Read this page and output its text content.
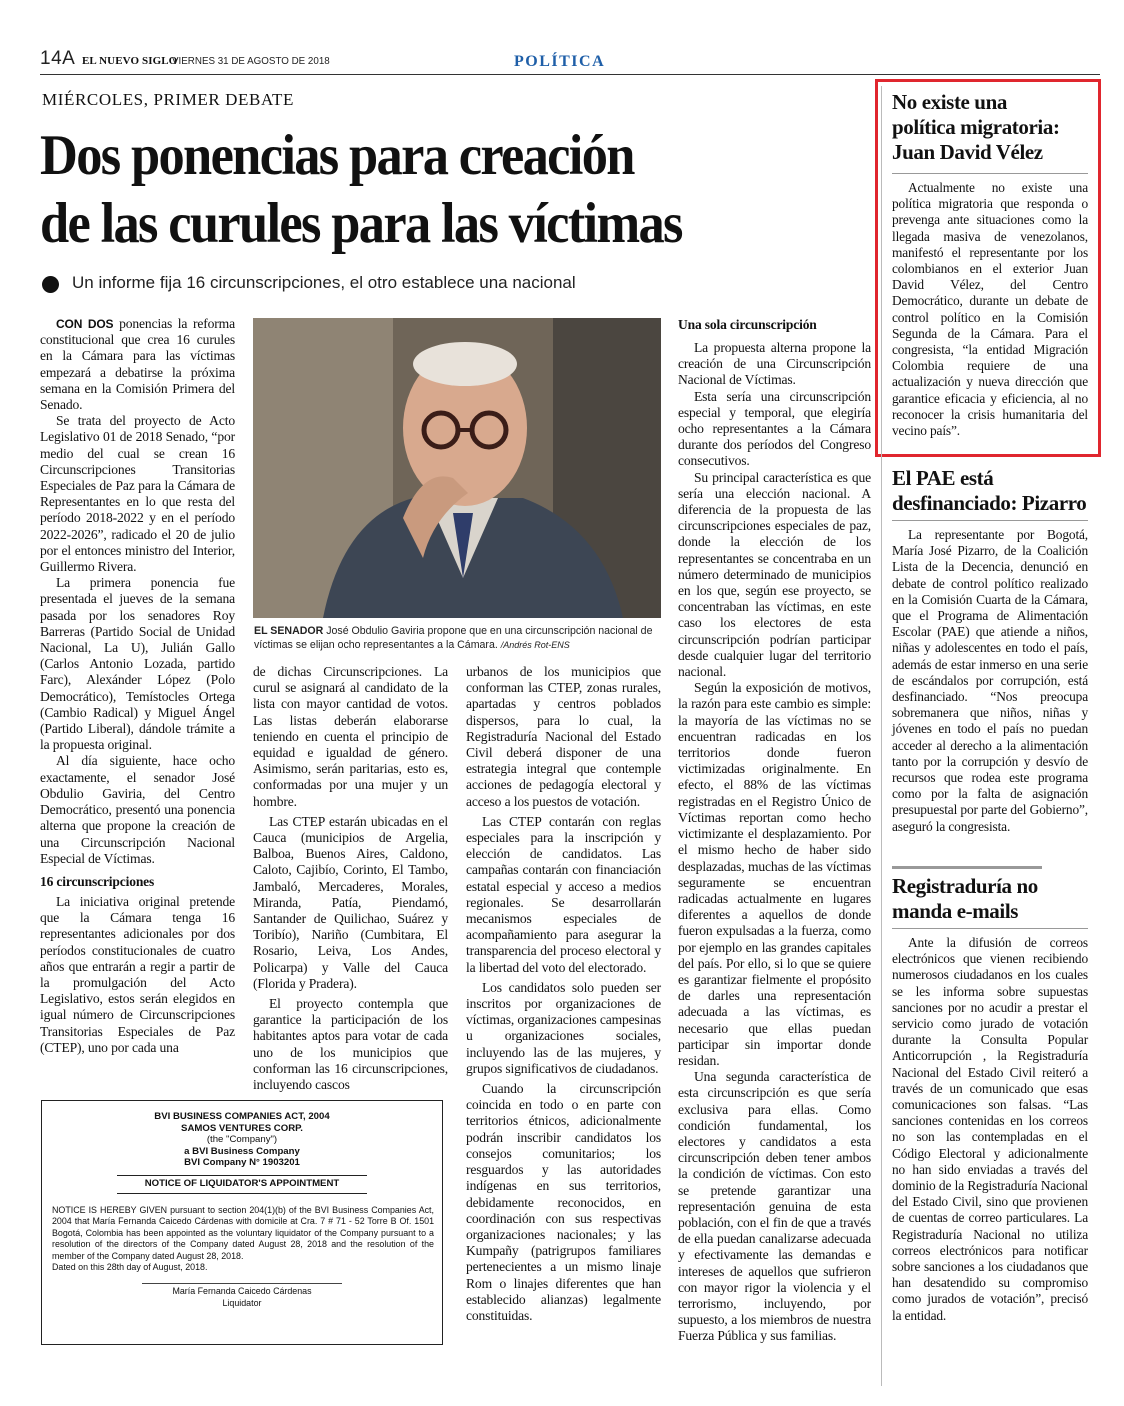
14A EL NUEVO SIGLO
VIERNES 31 DE AGOSTO DE 2018	POLÍTICA
MIÉRCOLES, PRIMER DEBATE
Dos ponencias para creación
de las curules para las víctimas
Un informe fija 16 circunscripciones, el otro establece una nacional

CON DOS ponencias la reforma constitucional que crea 16 curules en la Cámara para las víctimas empezará a debatirse la próxima semana en la Comisión Primera del Senado.

Se trata del proyecto de Acto Legislativo 01 de 2018 Senado, “por medio del cual se crean 16 Circunscripciones Transitorias Especiales de Paz para la Cámara de Representantes en lo que resta del período 2018-2022 y en el período 2022-2026”, radicado el 20 de julio por el entonces ministro del Interior, Guillermo Rivera.

La primera ponencia fue presentada el jueves de la semana pasada por los senadores Roy Barreras (Partido Social de Unidad Nacional, La U), Julián Gallo (Carlos Antonio Lozada, partido Farc), Alexánder López (Polo Democrático), Temístocles Ortega (Cambio Radical) y Miguel Ángel (Partido Liberal), dándole trámite a la propuesta original.

Al día siguiente, hace ocho exactamente, el senador José Obdulio Gaviria, del Centro Democrático, presentó una ponencia alterna que propone la creación de una Circunscripción Nacional Especial de Víctimas.

16 circunscripciones

La iniciativa original pretende que la Cámara tenga 16 representantes adicionales por dos períodos constitucionales de cuatro años que entrarán a regir a partir de la promulgación del Acto Legislativo, estos serán elegidos en igual número de Circunscripciones Transitorias Especiales de Paz (CTEP), uno por cada una

EL SENADOR José Obdulio Gaviria propone que en una circunscripción nacional de víctimas se elijan ocho representantes a la Cámara. /Andrés Rot-ENS

de dichas Circunscripciones. La curul se asignará al candidato de la lista con mayor cantidad de votos. Las listas deberán elaborarse teniendo en cuenta el principio de equidad e igualdad de género. Asimismo, serán paritarias, esto es, conformadas por una mujer y un hombre.

Las CTEP estarán ubicadas en el Cauca (municipios de Argelia, Balboa, Buenos Aires, Caldono, Caloto, Cajibío, Corinto, El Tambo, Jambaló, Mercaderes, Morales, Miranda, Patía, Piendamó, Santander de Quilichao, Suárez y Toribío), Nariño (Cumbitara, El Rosario, Leiva, Los Andes, Policarpa) y Valle del Cauca (Florida y Pradera).

El proyecto contempla que garantice la participación de los habitantes aptos para votar de cada uno de los municipios que conforman las 16 circunscripciones, incluyendo cascos

urbanos de los municipios que conforman las CTEP, zonas rurales, apartadas y centros poblados dispersos, para lo cual, la Registraduría Nacional del Estado Civil deberá disponer de una estrategia integral que contemple acciones de pedagogía electoral y acceso a los puestos de votación.

Las CTEP contarán con reglas especiales para la inscripción y elección de candidatos. Las campañas contarán con financiación estatal especial y acceso a medios regionales. Se desarrollarán mecanismos especiales de acompañamiento para asegurar la transparencia del proceso electoral y la libertad del voto del electorado.

Los candidatos solo pueden ser inscritos por organizaciones de víctimas, organizaciones campesinas u organizaciones sociales, incluyendo las de las mujeres, y grupos significativos de ciudadanos.

Cuando la circunscripción coincida en todo o en parte con territorios étnicos, adicionalmente podrán inscribir candidatos los consejos comunitarios; los resguardos y las autoridades indígenas en sus territorios, debidamente reconocidos, en coordinación con sus respectivas organizaciones nacionales; y las Kumpañy (patrigrupos familiares pertenecientes a un mismo linaje Rom o linajes diferentes que han establecido alianzas) legalmente constituidas.

Una sola circunscripción

La propuesta alterna propone la creación de una Circunscripción Nacional de Víctimas.

Esta sería una circunscripción especial y temporal, que elegiría ocho representantes a la Cámara durante dos períodos del Congreso consecutivos.

Su principal característica es que sería una elección nacional. A diferencia de la propuesta de las circunscripciones especiales de paz, donde la elección de los representantes se concentraba en un número determinado de municipios en los que, según ese proyecto, se concentraban las víctimas, en este caso los electores de esta circunscripción podrían participar desde cualquier lugar del territorio nacional.

Según la exposición de motivos, la razón para este cambio es simple: la mayoría de las víctimas no se encuentran radicadas en los territorios donde fueron victimizadas originalmente. En efecto, el 88% de las víctimas registradas en el Registro Único de Víctimas reportan como hecho victimizante el desplazamiento. Por el mismo hecho de haber sido desplazadas, muchas de las víctimas seguramente se encuentran radicadas actualmente en lugares diferentes a aquellos de donde fueron expulsadas a la fuerza, como por ejemplo en las grandes capitales del país. Por ello, si lo que se quiere es garantizar fielmente el propósito de darles una representación adecuada a las víctimas, es necesario que ellas puedan participar sin importar donde residan.

Una segunda característica de esta circunscripción es que sería exclusiva para ellas. Como condición fundamental, los electores y candidatos a esta circunscripción deben tener ambos la condición de víctimas. Con esto se pretende garantizar una representación genuina de esta población, con el fin de que a través de ella puedan canalizarse adecuada y efectivamente las demandas e intereses de aquellos que sufrieron con mayor rigor la violencia y el terrorismo, incluyendo, por supuesto, a los miembros de nuestra Fuerza Pública y sus familias.

BVI BUSINESS COMPANIES ACT, 2004
SAMOS VENTURES CORP.
(the "Company")
a BVI Business Company
BVI Company N° 1903201
NOTICE OF LIQUIDATOR'S APPOINTMENT
NOTICE IS HEREBY GIVEN pursuant to section 204(1)(b) of the BVI Business Companies Act, 2004 that María Fernanda Caicedo Cárdenas with domicile at Cra. 7 # 71 - 52 Torre B Of. 1501 Bogotá, Colombia has been appointed as the voluntary liquidator of the Company pursuant to a resolution of the directors of the Company dated August 28, 2018 and the resolution of the member of the Company dated August 28, 2018.
Dated on this 28th day of August, 2018.
María Fernanda Caicedo Cárdenas
Liquidator
No existe una
política migratoria:
Juan David Vélez

Actualmente no existe una política migratoria que responda o prevenga ante situaciones como la llegada masiva de venezolanos, manifestó el representante por los colombianos en el exterior Juan David Vélez, del Centro Democrático, durante un debate de control político en la Comisión Segunda de la Cámara. Para el congresista, “la entidad Migración Colombia requiere de una actualización y nueva dirección que garantice eficacia y eficiencia, al no reconocer la crisis humanitaria del vecino país”.

El PAE está
desfinanciado: Pizarro

La representante por Bogotá, María José Pizarro, de la Coalición Lista de la Decencia, denunció en debate de control político realizado en la Comisión Cuarta de la Cámara, que el Programa de Alimentación Escolar (PAE) que atiende a niños, niñas y adolescentes en todo el país, además de estar inmerso en una serie de escándalos por corrupción, está desfinanciado. “Nos preocupa sobremanera que niños, niñas y jóvenes en todo el país no puedan acceder al derecho a la alimentación tanto por la corrupción y desvío de recursos que rodea este programa como por la falta de asignación presupuestal por parte del Gobierno”, aseguró la congresista.

Registraduría no
manda e-mails

Ante la difusión de correos electrónicos que vienen recibiendo numerosos ciudadanos en los cuales se les informa sobre supuestas sanciones por no acudir a prestar el servicio como jurado de votación durante la Consulta Popular Anticorrupción , la Registraduría Nacional del Estado Civil reiteró a través de un comunicado que esas comunicaciones son falsas. “Las sanciones contenidas en los correos no son las contempladas en el Código Electoral y adicionalmente no han sido enviadas a través del dominio de la Registraduría Nacional del Estado Civil, sino que provienen de cuentas de correo particulares. La Registraduría Nacional no utiliza correos electrónicos para notificar sobre sanciones a los ciudadanos que han desatendido su compromiso como jurados de votación”, precisó la entidad.
